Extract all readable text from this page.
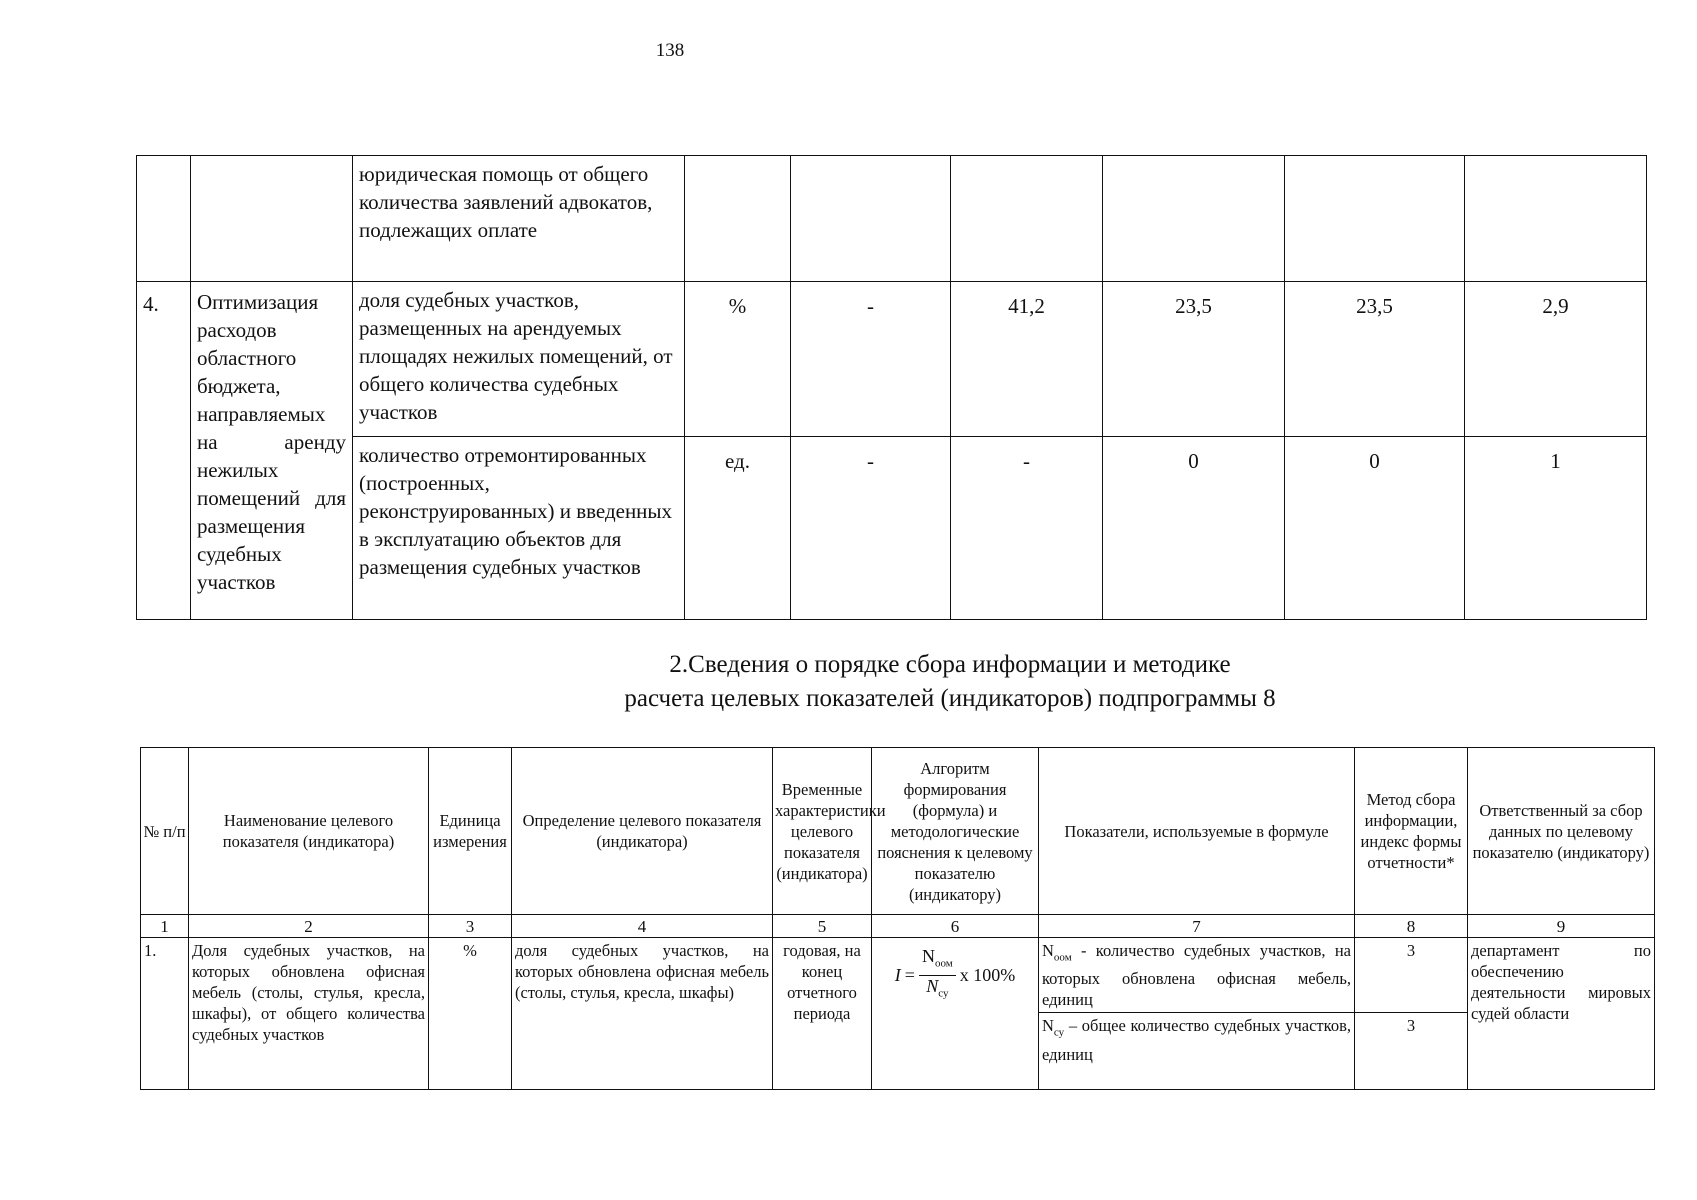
138
		юридическая помощь от общего количества заявлений адвокатов, подлежащих оплате						
4.	Оптимизация расходов областного бюджета, направляемых на аренду нежилых помещений для размещения судебных участков	доля судебных участков, размещенных на арендуемых площадях нежилых помещений, от общего количества судебных участков	%	-	41,2	23,5	23,5	2,9
		количество отремонтированных (построенных, реконструированных) и введенных в эксплуатацию объектов для размещения судебных участков	ед.	-	-	0	0	1
2.Сведения о порядке сбора информации и методике
расчета целевых показателей (индикаторов) подпрограммы 8
№ п/п	Наименование целевого показателя (индикатора)	Единица измерения	Определение целевого показателя (индикатора)	Временные характеристики целевого показателя (индикатора)	Алгоритм формирования (формула) и методологические пояснения к целевому показателю (индикатору)	Показатели, используемые в формуле	Метод сбора информации, индекс формы отчетности*	Ответственный за сбор данных по целевому показателю (индикатору)
1	2	3	4	5	6	7	8	9
1.	Доля судебных участков, на которых обновлена офисная мебель (столы, стулья, кресла, шкафы), от общего количества судебных участков	%	доля судебных участков, на которых обновлена офисная мебель (столы, стулья, кресла, шкафы)	годовая, на конец отчетного периода	$I = \frac{N_{оом}}{N_{су}}$ x 100%	$N_{оом}$ - количество судебных участков, на которых обновлена офисная мебель, единиц	3	департамент по обеспечению деятельности мировых судей области
						$N_{су}$ – общее количество судебных участков, единиц	3	
